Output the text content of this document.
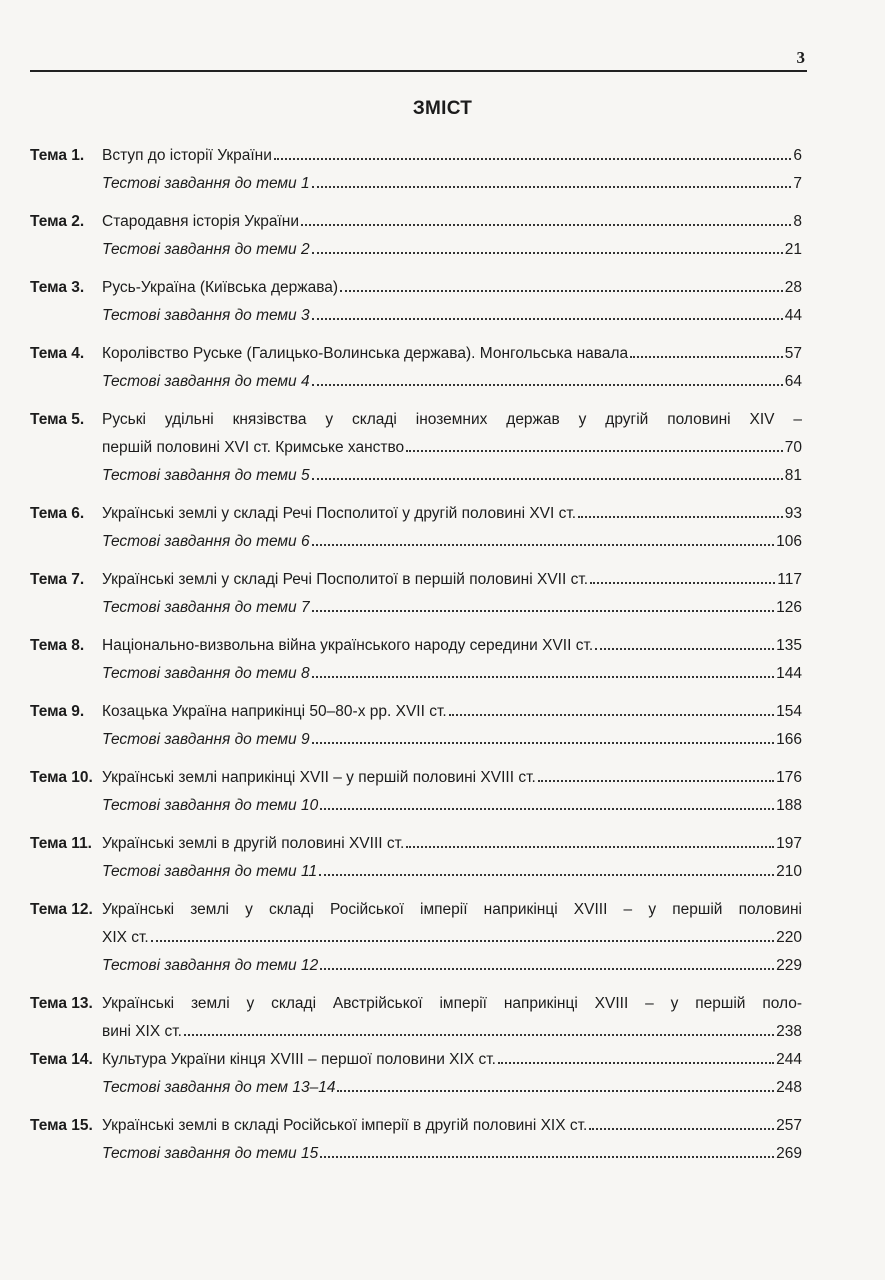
3
ЗМІСТ
Тема 1.	Вступ до історії України	6
Тестові завдання до теми 1	7
Тема 2.	Стародавня історія України	8
Тестові завдання до теми 2	21
Тема 3.	Русь-Україна (Київська держава)	28
Тестові завдання до теми 3	44
Тема 4.	Королівство Руське (Галицько-Волинська держава). Монгольська навала	57
Тестові завдання до теми 4	64
Тема 5.	Руські удільні князівства у складі іноземних держав у другій половині XIV –
першій половині XVI ст. Кримське ханство	70
Тестові завдання до теми 5	81
Тема 6.	Українські землі у складі Речі Посполитої у другій половині XVI ст.	93
Тестові завдання до теми 6	106
Тема 7.	Українські землі у складі Речі Посполитої в першій половині XVII ст.	117
Тестові завдання до теми 7	126
Тема 8.	Національно-визвольна війна українського народу середини XVII ст.	135
Тестові завдання до теми 8	144
Тема 9.	Козацька Україна наприкінці 50–80-х рр. XVII ст.	154
Тестові завдання до теми 9	166
Тема 10. Українські землі наприкінці XVII – у першій половині XVIII ст.	176
Тестові завдання до теми 10	188
Тема 11. Українські землі в другій половині XVIII ст.	197
Тестові завдання до теми 11	210
Тема 12. Українські землі у складі Російської імперії наприкінці XVIII – у першій половині
XIX ст.	220
Тестові завдання до теми 12	229
Тема 13. Українські землі у складі Австрійської імперії наприкінці XVIII – у першій поло-
вині XIX ст.	238
Тема 14. Культура України кінця XVIII – першої половини XIX ст.	244
Тестові завдання до тем 13–14	248
Тема 15. Українські землі в складі Російської імперії в другій половині XIX ст.	257
Тестові завдання до теми 15	269
